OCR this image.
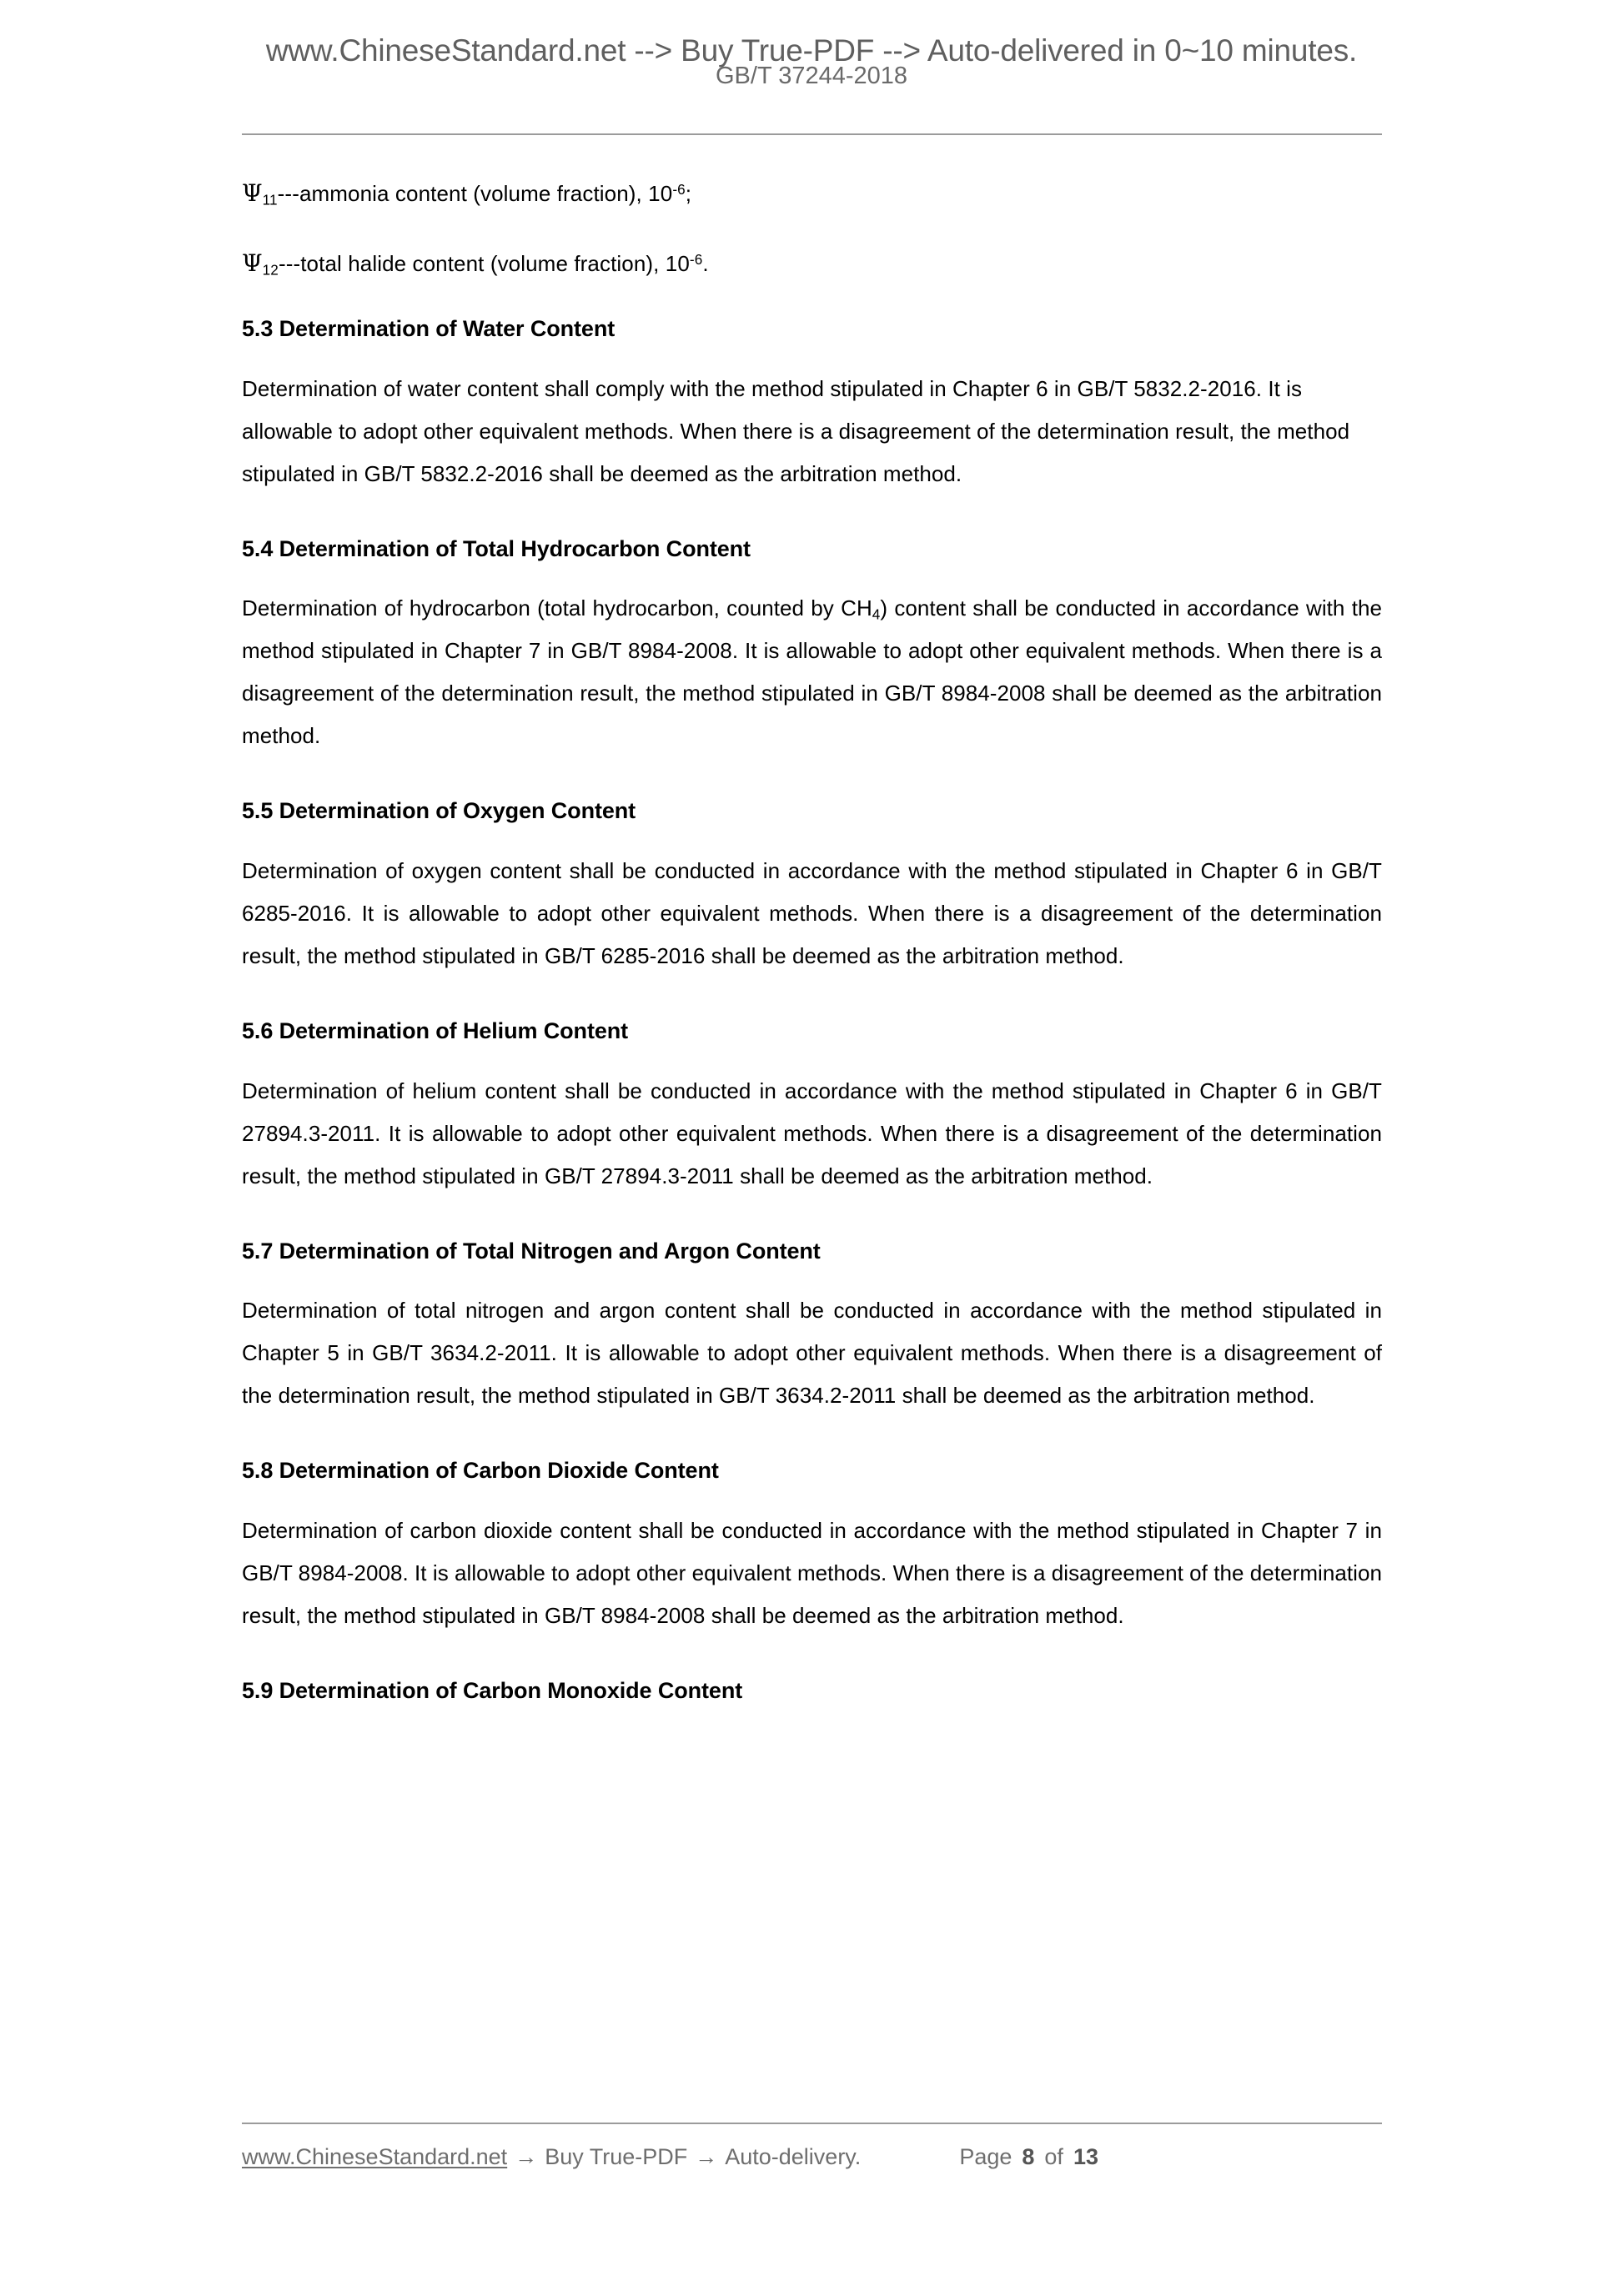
www.ChineseStandard.net --> Buy True-PDF --> Auto-delivered in 0~10 minutes.
GB/T 37244-2018

$\Psi_{11}--$-ammonia content (volume fraction), $10^{-6}$;

$\Psi_{12}--$-total halide content (volume fraction), $10^{-6}$.

5.3 Determination of Water Content

Determination of water content shall comply with the method stipulated in Chapter 6 in GB/T 5832.2-2016. It is allowable to adopt other equivalent methods. When there is a disagreement of the determination result, the method stipulated in GB/T 5832.2-2016 shall be deemed as the arbitration method.

5.4 Determination of Total Hydrocarbon Content

Determination of hydrocarbon (total hydrocarbon, counted by $CH_4$) content shall be conducted in accordance with the method stipulated in Chapter 7 in GB/T 8984-2008. It is allowable to adopt other equivalent methods. When there is a disagreement of the determination result, the method stipulated in GB/T 8984-2008 shall be deemed as the arbitration method.

5.5 Determination of Oxygen Content

Determination of oxygen content shall be conducted in accordance with the method stipulated in Chapter 6 in GB/T 6285-2016. It is allowable to adopt other equivalent methods. When there is a disagreement of the determination result, the method stipulated in GB/T 6285-2016 shall be deemed as the arbitration method.

5.6 Determination of Helium Content

Determination of helium content shall be conducted in accordance with the method stipulated in Chapter 6 in GB/T 27894.3-2011. It is allowable to adopt other equivalent methods. When there is a disagreement of the determination result, the method stipulated in GB/T 27894.3-2011 shall be deemed as the arbitration method.

5.7 Determination of Total Nitrogen and Argon Content

Determination of total nitrogen and argon content shall be conducted in accordance with the method stipulated in Chapter 5 in GB/T 3634.2-2011. It is allowable to adopt other equivalent methods. When there is a disagreement of the determination result, the method stipulated in GB/T 3634.2-2011 shall be deemed as the arbitration method.

5.8 Determination of Carbon Dioxide Content

Determination of carbon dioxide content shall be conducted in accordance with the method stipulated in Chapter 7 in GB/T 8984-2008. It is allowable to adopt other equivalent methods. When there is a disagreement of the determination result, the method stipulated in GB/T 8984-2008 shall be deemed as the arbitration method.

5.9 Determination of Carbon Monoxide Content
www.ChineseStandard.net → Buy True-PDF → Auto-delivery.	Page 8 of 13
